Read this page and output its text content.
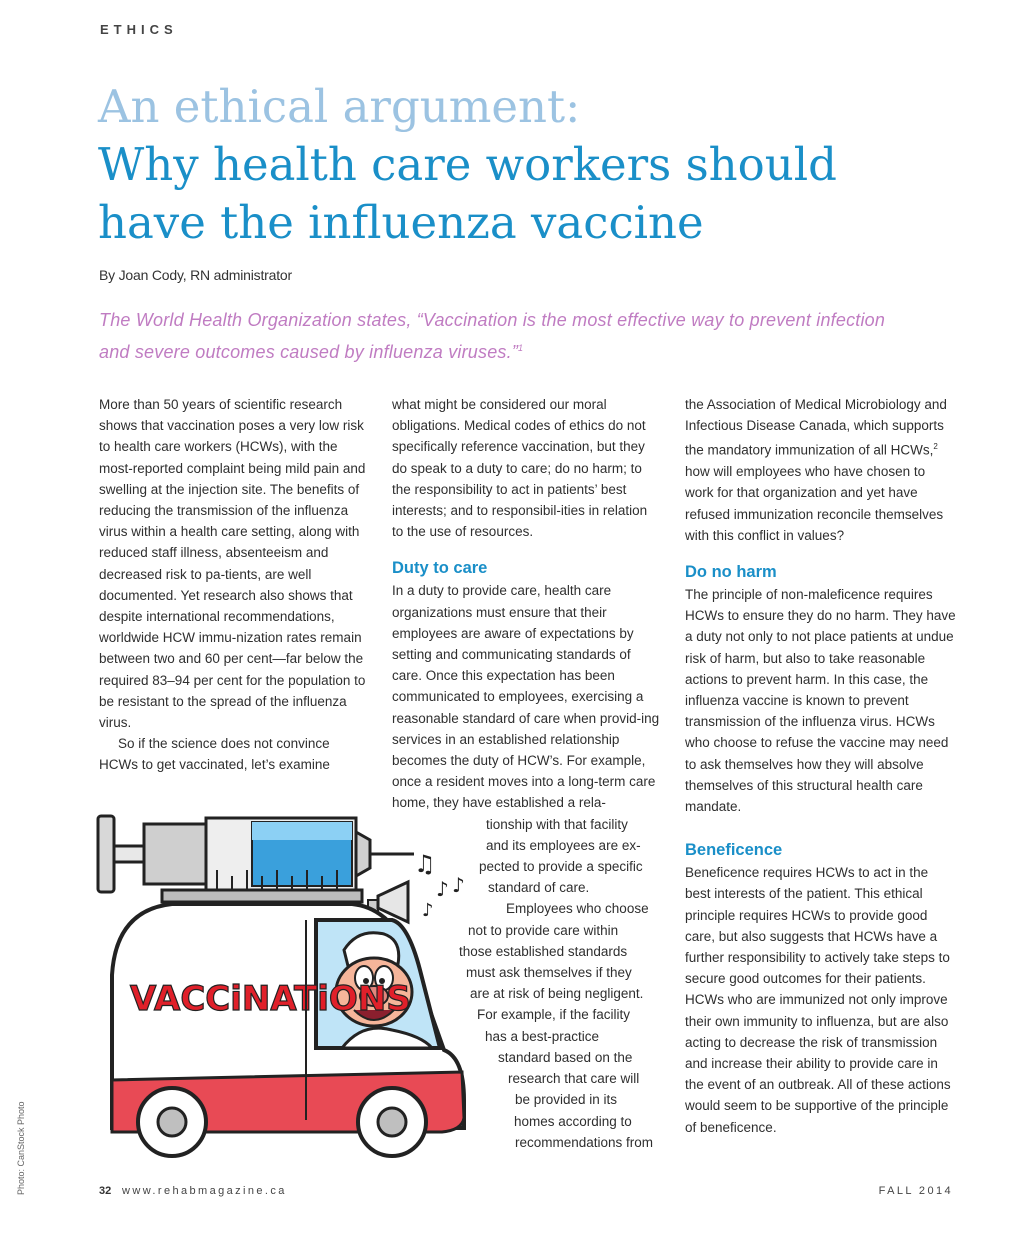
ETHICS
An ethical argument:
Why health care workers should
have the influenza vaccine
By Joan Cody, RN administrator
The World Health Organization states, “Vaccination is the most effective way to prevent infection
and severe outcomes caused by influenza viruses.”$^1$

More than 50 years of scientific research shows that vaccination poses a very low risk to health care workers (HCWs), with the most-reported complaint being mild pain and swelling at the injection site. The benefits of reducing the transmission of the influenza virus within a health care setting, along with reduced staff illness, absenteeism and decreased risk to pa-tients, are well documented. Yet research also shows that despite international recommendations, worldwide HCW immu-nization rates remain between two and 60 per cent—far below the required 83–94 per cent for the population to be resistant to the spread of the influenza virus.

So if the science does not convince HCWs to get vaccinated, let’s examine

what might be considered our moral obligations. Medical codes of ethics do not specifically reference vaccination, but they do speak to a duty to care; do no harm; to the responsibility to act in patients’ best interests; and to responsibil-ities in relation to the use of resources.

Duty to care

In a duty to provide care, health care organizations must ensure that their employees are aware of expectations by setting and communicating standards of care. Once this expectation has been communicated to employees, exercising a reasonable standard of care when provid-ing services in an established relationship becomes the duty of HCW’s. For example, once a resident moves into a long-term care home, they have established a rela-

tionship with that facility
and its employees are ex-
pected to provide a specific
standard of care.
Employees who choose
not to provide care within
those established standards
must ask themselves if they
are at risk of being negligent.
For example, if the facility
has a best-practice
standard based on the
research that care will
be provided in its
homes according to
recommendations from

the Association of Medical Microbiology and Infectious Disease Canada, which supports the mandatory immunization of all HCWs,$^2$ how will employees who have chosen to work for that organization and yet have refused immunization reconcile themselves with this conflict in values?

Do no harm

The principle of non-maleficence requires HCWs to ensure they do no harm. They have a duty not only to not place patients at undue risk of harm, but also to take reasonable actions to prevent harm. In this case, the influenza vaccine is known to prevent transmission of the influenza virus. HCWs who choose to refuse the vaccine may need to ask themselves how they will absolve themselves of this structural health care mandate.

Beneficence

Beneficence requires HCWs to act in the best interests of the patient. This ethical principle requires HCWs to provide good care, but also suggests that HCWs have a further responsibility to actively take steps to secure good outcomes for their patients. HCWs who are immunized not only improve their own immunity to influenza, but are also acting to decrease the risk of transmission and increase their ability to provide care in the event of an outbreak. All of these actions would seem to be supportive of the principle of beneficence.

♫
♪
♪
♪
VACCiNATiONS
Photo: CanStock Photo	32 www.rehabmagazine.ca	FALL 2014
